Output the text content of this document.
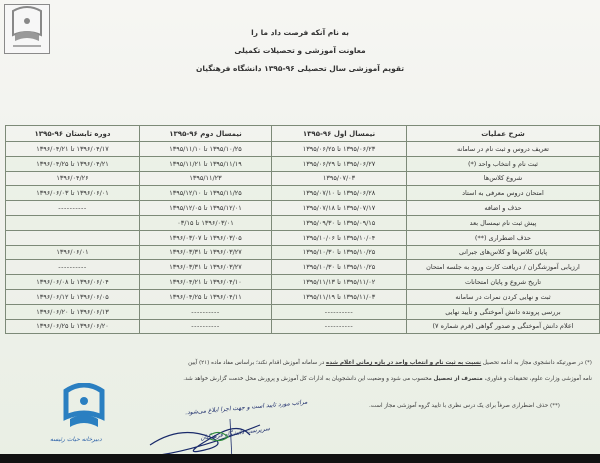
به نام آنکه فرصت داد ما را
معاونت آموزشی و تحصیلات تکمیلی
تقویم آموزشی سال تحصیلی ۹۶-۱۳۹۵ دانشگاه فرهنگیان
شرح عملیات	نیمسال اول ۹۶-۱۳۹۵	نیمسال دوم ۹۶-۱۳۹۵	دوره تابستان ۹۶-۱۳۹۵
تعریف دروس و ثبت نام در سامانه	۱۳۹۵/۰۶/۲۳ تا ۱۳۹۵/۰۶/۲۵	۱۳۹۵/۱۰/۲۵ تا ۱۳۹۵/۱۱/۱۰	۱۳۹۶/۰۴/۱۷ تا ۱۳۹۶/۰۴/۲۱
ثبت نام و انتخاب واحد (*)	۱۳۹۵/۰۶/۲۷ تا ۱۳۹۵/۰۶/۲۹	۱۳۹۵/۱۱/۱۹ تا ۱۳۹۵/۱۱/۲۱	۱۳۹۶/۰۴/۲۱ تا ۱۳۹۶/۰۴/۲۵
شروع کلاس‌ها	۱۳۹۵/۰۷/۰۳	۱۳۹۵/۱۱/۲۳	۱۳۹۶/۰۴/۲۶
امتحان دروس معرفی به استاد	۱۳۹۵/۰۶/۲۸ تا ۱۳۹۵/۰۷/۱۰	۱۳۹۵/۱۱/۲۵ تا ۱۳۹۵/۱۲/۱۰	۱۳۹۶/۰۶/۰۱ تا ۱۳۹۶/۰۶/۰۳
حذف و اضافه	۱۳۹۵/۰۷/۱۷ تا ۱۳۹۵/۰۷/۱۸	۱۳۹۵/۱۲/۰۱ تا ۱۳۹۵/۱۲/۰۵	----------
پیش ثبت نام نیمسال بعد	۱۳۹۵/۰۹/۱۵ تا ۱۳۹۵/۰۹/۳۰	۱۳۹۶/۰۳/۰۱ تا ۰۳/۱۵	
حذف اضطراری (**)	۱۳۹۵/۱۰/۰۴ تا ۱۳۹۵/۱۰/۰۶	۱۳۹۶/۰۳/۰۵ تا ۱۳۹۶/۰۳/۰۷	
پایان کلاس‌ها و کلاس‌های جبرانی	۱۳۹۵/۱۰/۲۵ تا ۱۳۹۵/۱۰/۳۰	۱۳۹۶/۰۳/۲۷ تا ۱۳۹۶/۰۳/۳۱	۱۳۹۶/۰۶/۰۱
ارزیابی آموزشگران / دریافت کارت ورود به جلسه امتحان	۱۳۹۵/۱۰/۲۵ تا ۱۳۹۵/۱۰/۳۰	۱۳۹۶/۰۳/۲۷ تا ۱۳۹۶/۰۳/۳۱	----------
تاریخ شروع و پایان امتحانات	۱۳۹۵/۱۱/۰۲ تا ۱۳۹۵/۱۱/۱۳	۱۳۹۶/۰۴/۱۰ تا ۱۳۹۶/۰۴/۲۱	۱۳۹۶/۰۶/۰۴ تا ۱۳۹۶/۰۶/۰۸
ثبت و نهایی کردن نمرات در سامانه	۱۳۹۵/۱۱/۰۳ تا ۱۳۹۵/۱۱/۱۹	۱۳۹۶/۰۴/۱۱ تا ۱۳۹۶/۰۴/۲۵	۱۳۹۶/۰۶/۰۵ تا ۱۳۹۶/۰۶/۱۲
بررسی پرونده دانش آموختگی و تأیید نهایی	----------	----------	۱۳۹۶/۰۶/۱۳ تا ۱۳۹۶/۰۶/۲۰
اعلام دانش آموختگی و صدور گواهی (فرم شماره ۷)	----------	----------	۱۳۹۶/۰۶/۲۰ تا ۱۳۹۶/۰۶/۲۵

(*) در صورتیکه دانشجوی مجاز به ادامه تحصیل نسبت به ثبت نام و انتخاب واحد در بازه زمانی اعلام شده در سامانه آموزش اقدام نکند؛ براساس مفاد ماده (۲۱) آیین

نامه آموزشی وزارت علوم، تحقیقات و فناوری، منصرف از تحصیل محسوب می شود و وضعیت این دانشجویان به ادارات کل آموزش و پرورش محل خدمت گزارش خواهد شد.

(**) حذف اضطراری صرفاً برای یک درس نظری با تایید گروه آموزشی مجاز است.
دبیرخانه حیات رئیسه
مراتب مورد تایید است و جهت اجرا ابلاغ می‌شود.
سرپرست دانشگاه فرهنگیان
